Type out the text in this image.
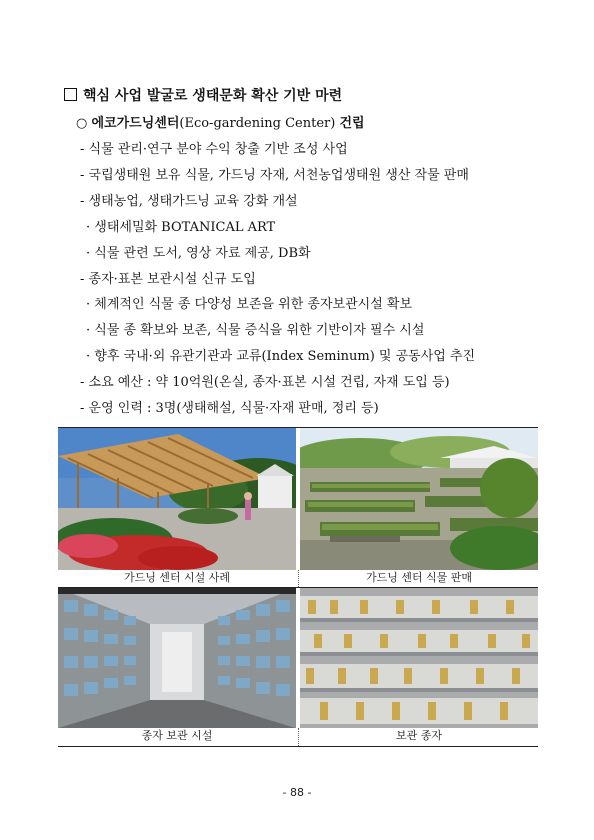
핵심 사업 발굴로 생태문화 확산 기반 마련
○ 에코가드닝센터(Eco-gardening Center) 건립
- 식물 관리·연구 분야 수익 창출 기반 조성 사업
- 국립생태원 보유 식물, 가드닝 자재, 서천농업생태원 생산 작물 판매
- 생태농업, 생태가드닝 교육 강화 개설
· 생태세밀화 BOTANICAL ART
· 식물 관련 도서, 영상 자료 제공, DB화
- 종자·표본 보관시설 신규 도입
· 체계적인 식물 종 다양성 보존을 위한 종자보관시설 확보
· 식물 종 확보와 보존, 식물 증식을 위한 기반이자 필수 시설
· 향후 국내·외 유관기관과 교류(Index Seminum) 및 공동사업 추진
- 소요 예산 : 약 10억원(온실, 종자·표본 시설 건립, 자재 도입 등)
- 운영 인력 : 3명(생태해설, 식물·자재 판매, 정리 등)
가드닝 센터 시설 사례	가드닝 센터 식물 판매
종자 보관 시설	보관 종자
- 88 -
